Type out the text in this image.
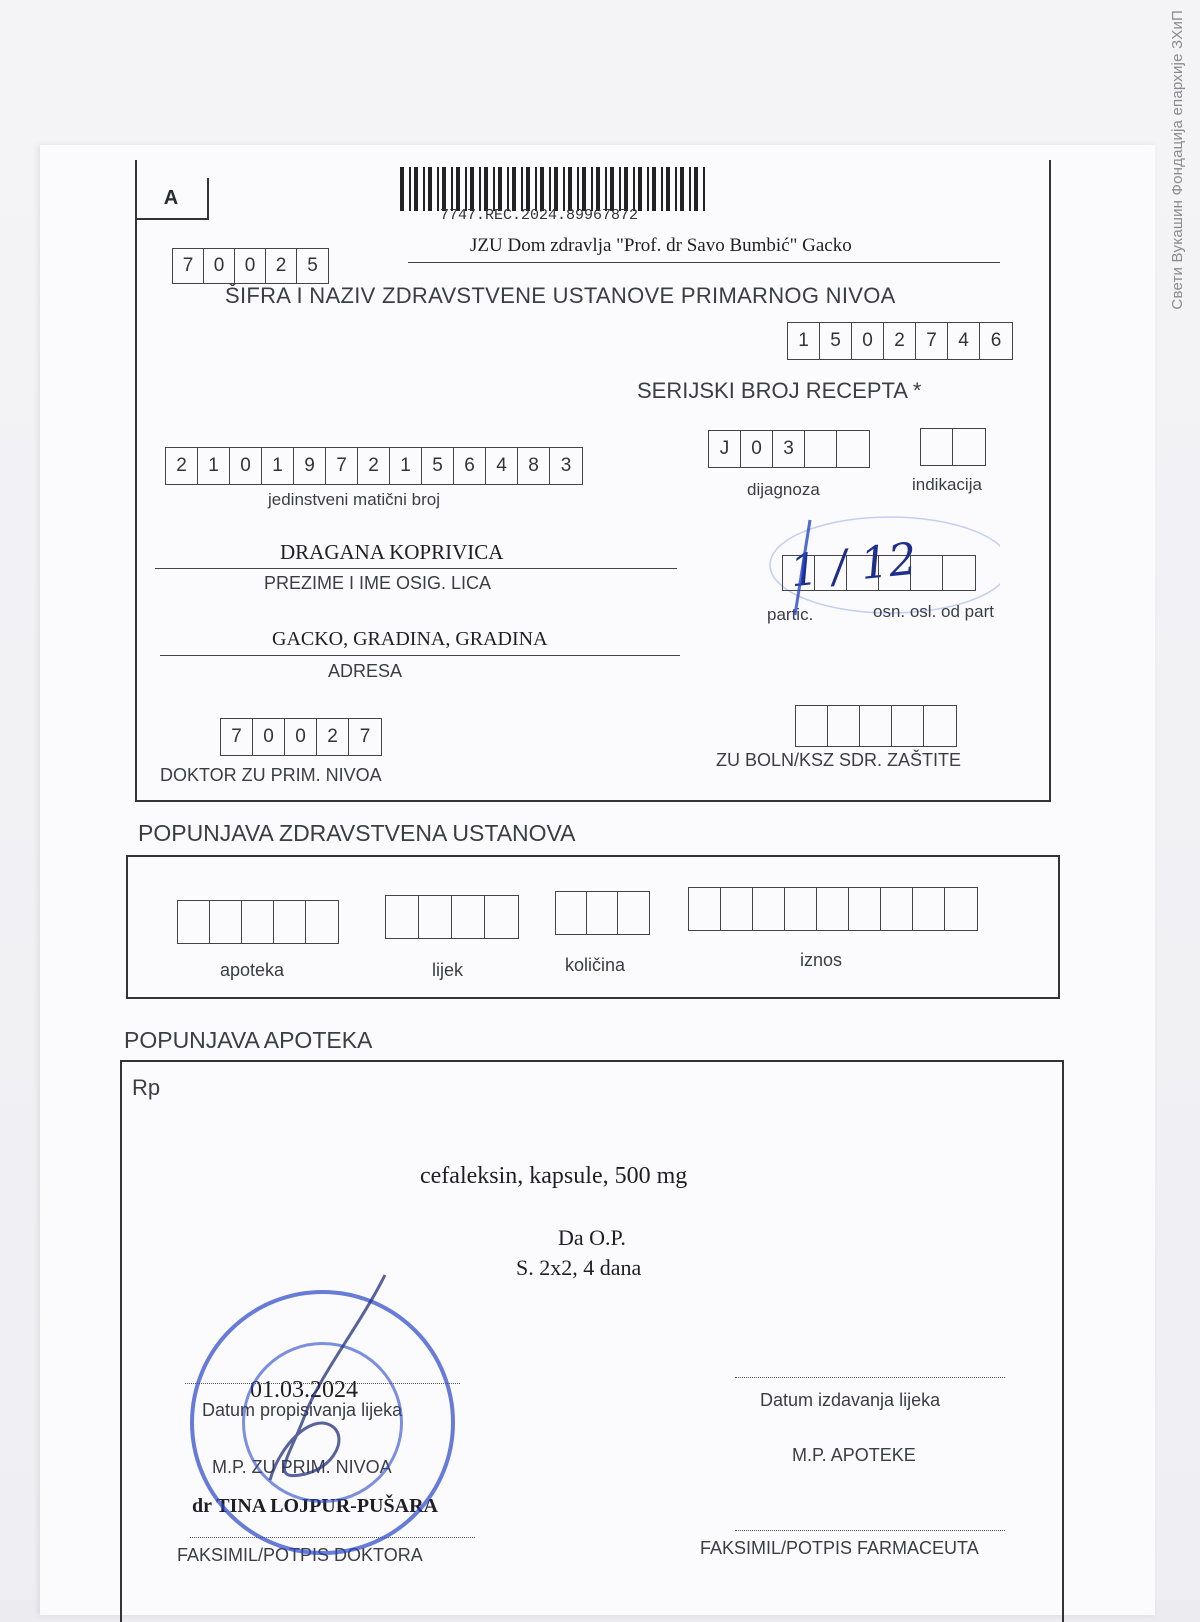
Свети Вукашин Фондација епархије ЗХиП
A
7747.REC.2024.89967872
7	0	0	2	5
JZU Dom zdravlja "Prof. dr Savo Bumbić" Gacko
ŠIFRA I NAZIV ZDRAVSTVENE USTANOVE PRIMARNOG NIVOA
1	5	0	2	7	4	6
SERIJSKI BROJ RECEPTA *
2	1	0	1	9	7	2	1	5	6	4	8	3
jedinstveni matični broj
J	0	3
dijagnoza	indikacija
DRAGANA KOPRIVICA
PREZIME I IME OSIG. LICA
GACKO, GRADINA, GRADINA
ADRESA
partic.	osn. osl. od part
1 / 12
7	0	0	2	7
DOKTOR ZU PRIM. NIVOA
ZU BOLN/KSZ SDR. ZAŠTITE
POPUNJAVA ZDRAVSTVENA USTANOVA
apoteka	lijek	količina	iznos
POPUNJAVA APOTEKA
Rp
cefaleksin, kapsule, 500 mg
Da O.P.
S. 2x2, 4 dana
01.03.2024
Datum propisivanja lijeka
M.P. ZU PRIM. NIVOA
dr TINA LOJPUR-PUŠARA
FAKSIMIL/POTPIS DOKTORA
Datum izdavanja lijeka
M.P. APOTEKE
FAKSIMIL/POTPIS FARMACEUTA
